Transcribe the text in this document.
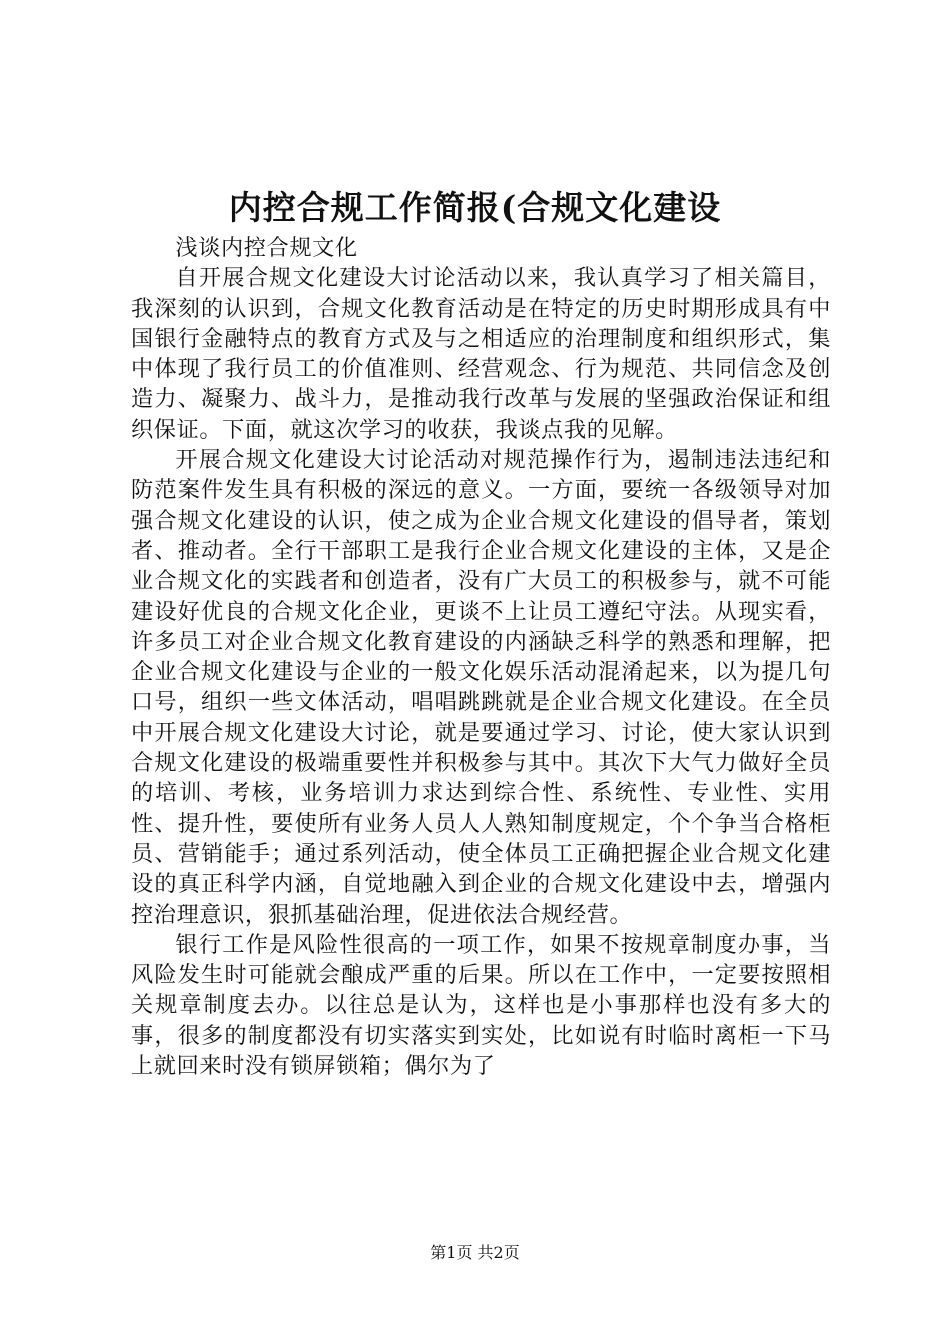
内控合规工作简报(合规文化建设

浅谈内控合规文化

自开展合规文化建设大讨论活动以来，我认真学习了相关篇目，我深刻的认识到，合规文化教育活动是在特定的历史时期形成具有中国银行金融特点的教育方式及与之相适应的治理制度和组织形式，集中体现了我行员工的价值准则、经营观念、行为规范、共同信念及创造力、凝聚力、战斗力，是推动我行改革与发展的坚强政治保证和组织保证。下面，就这次学习的收获，我谈点我的见解。

开展合规文化建设大讨论活动对规范操作行为，遏制违法违纪和防范案件发生具有积极的深远的意义。一方面，要统一各级领导对加强合规文化建设的认识，使之成为企业合规文化建设的倡导者，策划者、推动者。全行干部职工是我行企业合规文化建设的主体，又是企业合规文化的实践者和创造者，没有广大员工的积极参与，就不可能建设好优良的合规文化企业，更谈不上让员工遵纪守法。从现实看，许多员工对企业合规文化教育建设的内涵缺乏科学的熟悉和理解，把企业合规文化建设与企业的一般文化娱乐活动混淆起来，以为提几句口号，组织一些文体活动，唱唱跳跳就是企业合规文化建设。在全员中开展合规文化建设大讨论，就是要通过学习、讨论，使大家认识到合规文化建设的极端重要性并积极参与其中。其次下大气力做好全员的培训、考核，业务培训力求达到综合性、系统性、专业性、实用性、提升性，要使所有业务人员人人熟知制度规定，个个争当合格柜员、营销能手；通过系列活动，使全体员工正确把握企业合规文化建设的真正科学内涵，自觉地融入到企业的合规文化建设中去，增强内控治理意识，狠抓基础治理，促进依法合规经营。

银行工作是风险性很高的一项工作，如果不按规章制度办事，当风险发生时可能就会酿成严重的后果。所以在工作中，一定要按照相关规章制度去办。以往总是认为，这样也是小事那样也没有多大的事，很多的制度都没有切实落实到实处，比如说有时临时离柜一下马上就回来时没有锁屏锁箱；偶尔为了

第1页 共2页
